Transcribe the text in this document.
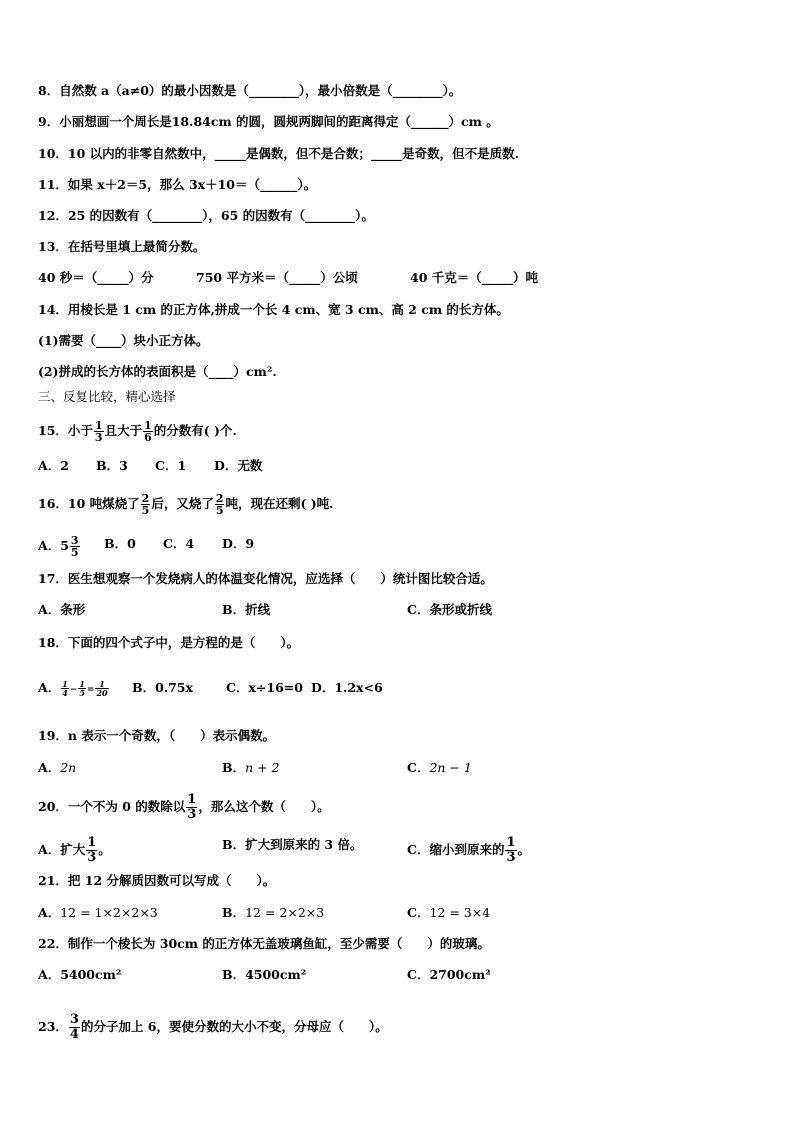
8．自然数 a（a≠0）的最小因数是（________），最小倍数是（________）。
9．小丽想画一个周长是18.84cm 的圆，圆规两脚间的距离得定（______）cm 。
10．10 以内的非零自然数中，_____是偶数，但不是合数；_____是奇数，但不是质数.
11．如果 x＋2＝5，那么 3x＋10＝（______）。
12．25 的因数有（________），65 的因数有（________）。
13．在括号里填上最简分数。
40 秒＝（_____）分	750 平方米＝（_____）公顷	40 千克＝（_____）吨
14．用棱长是 1 cm 的正方体,拼成一个长 4 cm、宽 3 cm、高 2 cm 的长方体。
(1)需要（____）块小正方体。
(2)拼成的长方体的表面积是（____）cm².
三、反复比较，精心选择
15．小于 $\frac{1}{3}$ 且大于 $\frac{1}{6}$ 的分数有( )个.
A．2 B．3 C．1 D．无数
16．10 吨煤烧了 $\frac{2}{5}$ 后，又烧了 $\frac{2}{5}$ 吨，现在还剩( )吨.
A．$5 \frac{3}{5}$ B．0 C．4 D．9
17．医生想观察一个发烧病人的体温变化情况，应选择（　　）统计图比较合适。
A．条形	B．折线	C．条形或折线
18．下面的四个式子中，是方程的是（　　）。
A． $\frac{1}{4} - \frac{1}{5} = \frac{1}{20}$ B．0.75x	C．x÷16=0 D．1.2x<6
19．n 表示一个奇数，（　　）表示偶数。
A．2n	B．n + 2	C．2n − 1
20．一个不为 0 的数除以 $\frac{1}{3}$ ，那么这个数（　　）。
A．扩大 $\frac{1}{3}$ 。	B．扩大到原来的 3 倍。	C．缩小到原来的 $\frac{1}{3}$ 。
21．把 12 分解质因数可以写成（　　）。
A．12 = 1×2×2×3	B．12 = 2×2×3	C．12 = 3×4
22．制作一个棱长为 30cm 的正方体无盖玻璃鱼缸，至少需要（　　）的玻璃。
A．5400cm²	B．4500cm²	C．2700cm²
23． $\frac{3}{4}$ 的分子加上 6，要使分数的大小不变，分母应（　　）。
